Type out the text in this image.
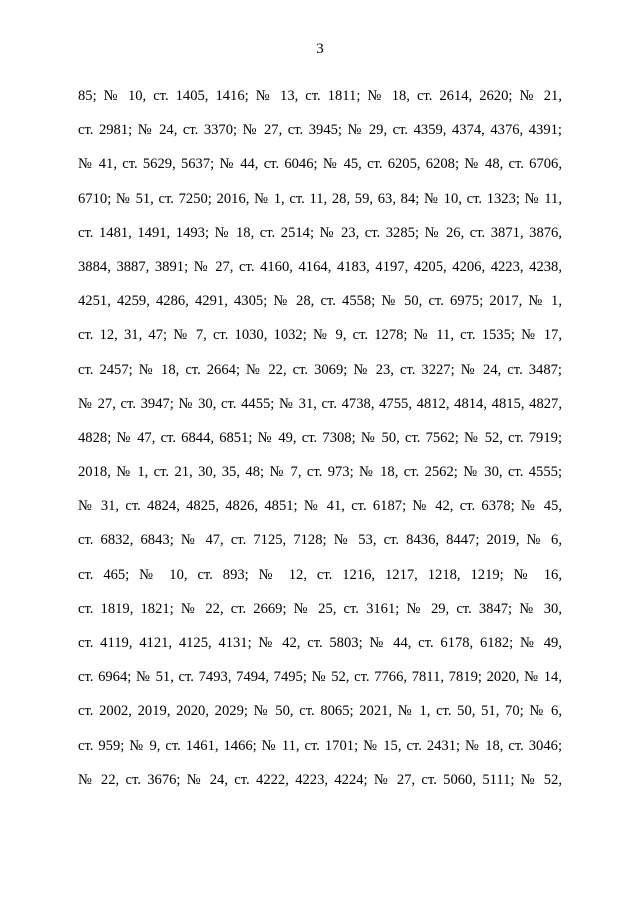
3
85; № 10, ст. 1405, 1416; № 13, ст. 1811; № 18, ст. 2614, 2620; № 21,
ст. 2981; № 24, ст. 3370; № 27, ст. 3945; № 29, ст. 4359, 4374, 4376, 4391;
№ 41, ст. 5629, 5637; № 44, ст. 6046; № 45, ст. 6205, 6208; № 48, ст. 6706,
6710; № 51, ст. 7250; 2016, № 1, ст. 11, 28, 59, 63, 84; № 10, ст. 1323; № 11,
ст. 1481, 1491, 1493; № 18, ст. 2514; № 23, ст. 3285; № 26, ст. 3871, 3876,
3884, 3887, 3891; № 27, ст. 4160, 4164, 4183, 4197, 4205, 4206, 4223, 4238,
4251, 4259, 4286, 4291, 4305; № 28, ст. 4558; № 50, ст. 6975; 2017, № 1,
ст. 12, 31, 47; № 7, ст. 1030, 1032; № 9, ст. 1278; № 11, ст. 1535; № 17,
ст. 2457; № 18, ст. 2664; № 22, ст. 3069; № 23, ст. 3227; № 24, ст. 3487;
№ 27, ст. 3947; № 30, ст. 4455; № 31, ст. 4738, 4755, 4812, 4814, 4815, 4827,
4828; № 47, ст. 6844, 6851; № 49, ст. 7308; № 50, ст. 7562; № 52, ст. 7919;
2018, № 1, ст. 21, 30, 35, 48; № 7, ст. 973; № 18, ст. 2562; № 30, ст. 4555;
№ 31, ст. 4824, 4825, 4826, 4851; № 41, ст. 6187; № 42, ст. 6378; № 45,
ст. 6832, 6843; № 47, ст. 7125, 7128; № 53, ст. 8436, 8447; 2019, № 6,
ст. 465; № 10, ст. 893; № 12, ст. 1216, 1217, 1218, 1219; № 16,
ст. 1819, 1821; № 22, ст. 2669; № 25, ст. 3161; № 29, ст. 3847; № 30,
ст. 4119, 4121, 4125, 4131; № 42, ст. 5803; № 44, ст. 6178, 6182; № 49,
ст. 6964; № 51, ст. 7493, 7494, 7495; № 52, ст. 7766, 7811, 7819; 2020, № 14,
ст. 2002, 2019, 2020, 2029; № 50, ст. 8065; 2021, № 1, ст. 50, 51, 70; № 6,
ст. 959; № 9, ст. 1461, 1466; № 11, ст. 1701; № 15, ст. 2431; № 18, ст. 3046;
№ 22, ст. 3676; № 24, ст. 4222, 4223, 4224; № 27, ст. 5060, 5111; № 52,
